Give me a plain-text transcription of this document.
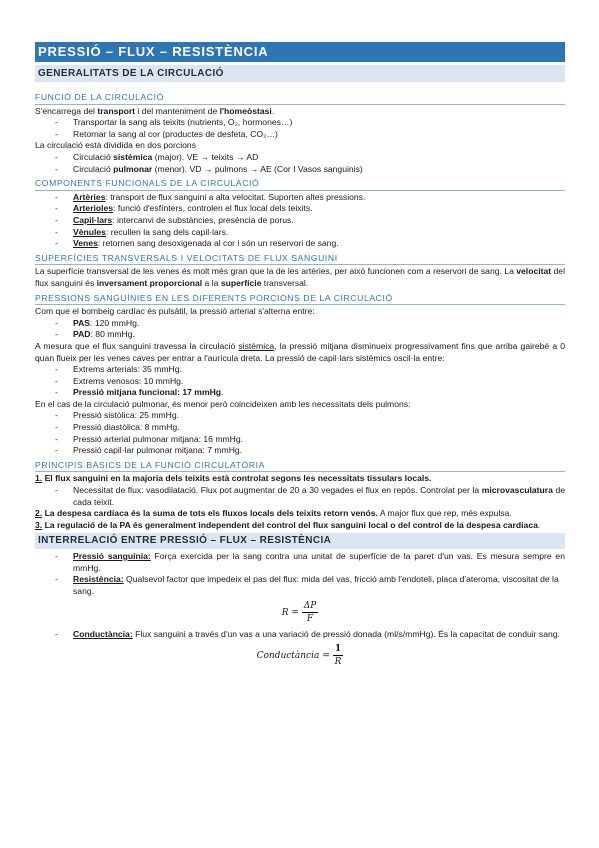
PRESSIÓ – FLUX – RESISTÈNCIA
GENERALITATS DE LA CIRCULACIÓ
FUNCIÓ DE LA CIRCULACIÓ

S'encarrega del transport i del manteniment de l'homeòstasi.

- Transportar la sang als teixits (nutrients, O₂, hormones…)
- Retornar la sang al cor (productes de desfeta, CO₂…)

La circulació està dividida en dos porcions

- Circulació sistèmica (major). VE → teixits → AD
- Circulació pulmonar (menor). VD → pulmons → AE (Cor I Vasos sanguinis)
COMPONENTS FUNCIONALS DE LA CIRCULACIÓ
- Artèries: transport de flux sanguini a alta velocitat. Suporten altes pressions.
- Arterioles: funció d'esfínters, controlen el flux local dels teixits.
- Capil·lars: intercanvi de substàncies, presència de porus.
- Vènules: recullen la sang dels capil·lars.
- Venes: retornen sang desoxigenada al cor i són un reservori de sang.
SUPERFÍCIES TRANSVERSALS I VELOCITATS DE FLUX SANGUINI

La superfície transversal de les venes és molt més gran que la de les artèries, per això funcionen com a reservori de sang. La velocitat del flux sanguini és inversament proporcional a la superfície transversal.

PRESSIONS SANGUÍNIES EN LES DIFERENTS PORCIONS DE LA CIRCULACIÓ

Com que el bombeig cardíac és pulsàtil, la pressió arterial s'alterna entre:

- PAS: 120 mmHg.
- PAD: 80 mmHg.

A mesura que el flux sanguini travessa la circulació sistèmica, la pressió mitjana disminueix progressivament fins que arriba gairebé a 0 quan flueix per les venes caves per entrar a l'aurícula dreta. La pressió de capil·lars sistèmics oscil·la entre:

- Extrems arterials: 35 mmHg.
- Extrems venosos: 10 mmHg.
- Pressió mitjana funcional: 17 mmHg.

En el cas de la circulació pulmonar, és menor però coincideixen amb les necessitats dels pulmons:

- Pressió sistòlica: 25 mmHg.
- Pressió diastòlica: 8 mmHg.
- Pressió arterial pulmonar mitjana: 16 mmHg.
- Pressió capil·lar pulmonar mitjana: 7 mmHg.
PRINCIPIS BÀSICS DE LA FUNCIÓ CIRCULATÒRIA

1. El flux sanguini en la majoria dels teixits està controlat segons les necessitats tissulars locals.

- Necessitat de flux: vasodilatació. Flux pot augmentar de 20 a 30 vegades el flux en repòs. Controlat per la microvasculatura de cada teixit.

2. La despesa cardíaca és la suma de tots els fluxos locals dels teixits retorn venós. A major flux que rep, més expulsa.

3. La regulació de la PA és generalment independent del control del flux sanguini local o del control de la despesa cardíaca.

INTERRELACIÓ ENTRE PRESSIÓ – FLUX – RESISTÈNCIA
- Pressió sanguínia: Força exercida per la sang contra una unitat de superfície de la paret d'un vas. Es mesura sempre en mmHg.
- Resistència: Qualsevol factor que impedeix el pas del flux: mida del vas, fricció amb l'endoteli, placa d'ateroma, viscositat de la sang.
$R = \frac{\Delta P}{F}$
- Conductància: Flux sanguini a través d'un vas a una variació de pressió donada (ml/s/mmHg). És la capacitat de conduir sang.
Conductància = $\frac{1}{R}$
